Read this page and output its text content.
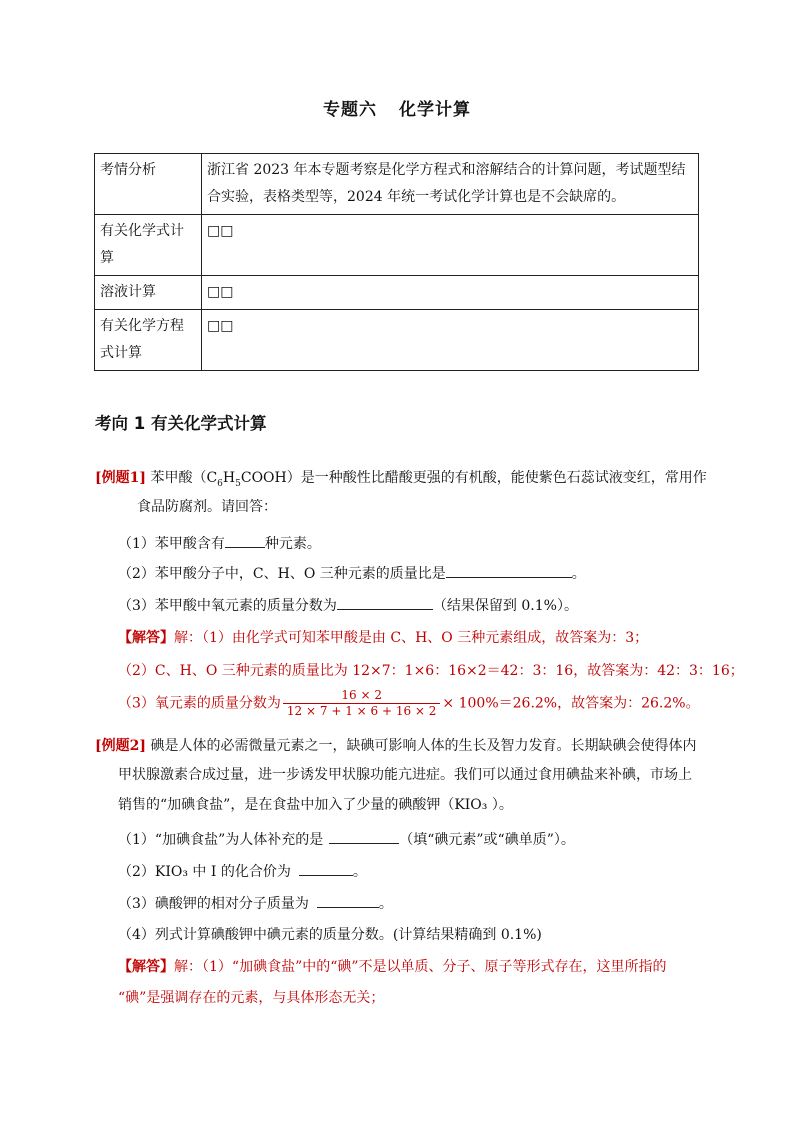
专题六 化学计算
考情分析	浙江省 2023 年本专题考察是化学方程式和溶解结合的计算问题，考试题型结合实验，表格类型等，2024 年统一考试化学计算也是不会缺席的。
有关化学式计算	□□
溶液计算	□□
有关化学方程式计算	□□
考向 1 有关化学式计算
[例题1] 苯甲酸$(C_6H_5COOH)$是一种酸性比醋酸更强的有机酸，能使紫色石蕊试液变红，常用作
食品防腐剂。请回答：
（1）苯甲酸含有	种元素。
（2）苯甲酸分子中，C、H、O 三种元素的质量比是	。
（3）苯甲酸中氧元素的质量分数为	（结果保留到 0.1%）。
【解答】解：（1）由化学式可知苯甲酸是由 C、H、O 三种元素组成，故答案为：3；
（2）C、H、O 三种元素的质量比为 12×7：1×6：16×2＝42：3：16，故答案为：42：3：16；
（3）氧元素的质量分数为 $\frac{16 \times 2}{12 \times 7 + 1 \times 6 + 16 \times 2} \times 100\%=26.2\%$，故答案为：26.2%。
[例题2] 碘是人体的必需微量元素之一，缺碘可影响人体的生长及智力发育。长期缺碘会使得体内
甲状腺激素合成过量，进一步诱发甲状腺功能亢进症。我们可以通过食用碘盐来补碘，市场上
销售的“加碘食盐”，是在食盐中加入了少量的碘酸钾（KIO₃ ）。
（1）“加碘食盐”为人体补充的是	（填“碘元素”或“碘单质”）。
（2）KIO₃ 中 I 的化合价为	。
（3）碘酸钾的相对分子质量为	。
（4）列式计算碘酸钾中碘元素的质量分数。(计算结果精确到 0.1%)
【解答】解：（1）“加碘食盐”中的“碘”不是以单质、分子、原子等形式存在，这里所指的
“碘”是强调存在的元素，与具体形态无关；
